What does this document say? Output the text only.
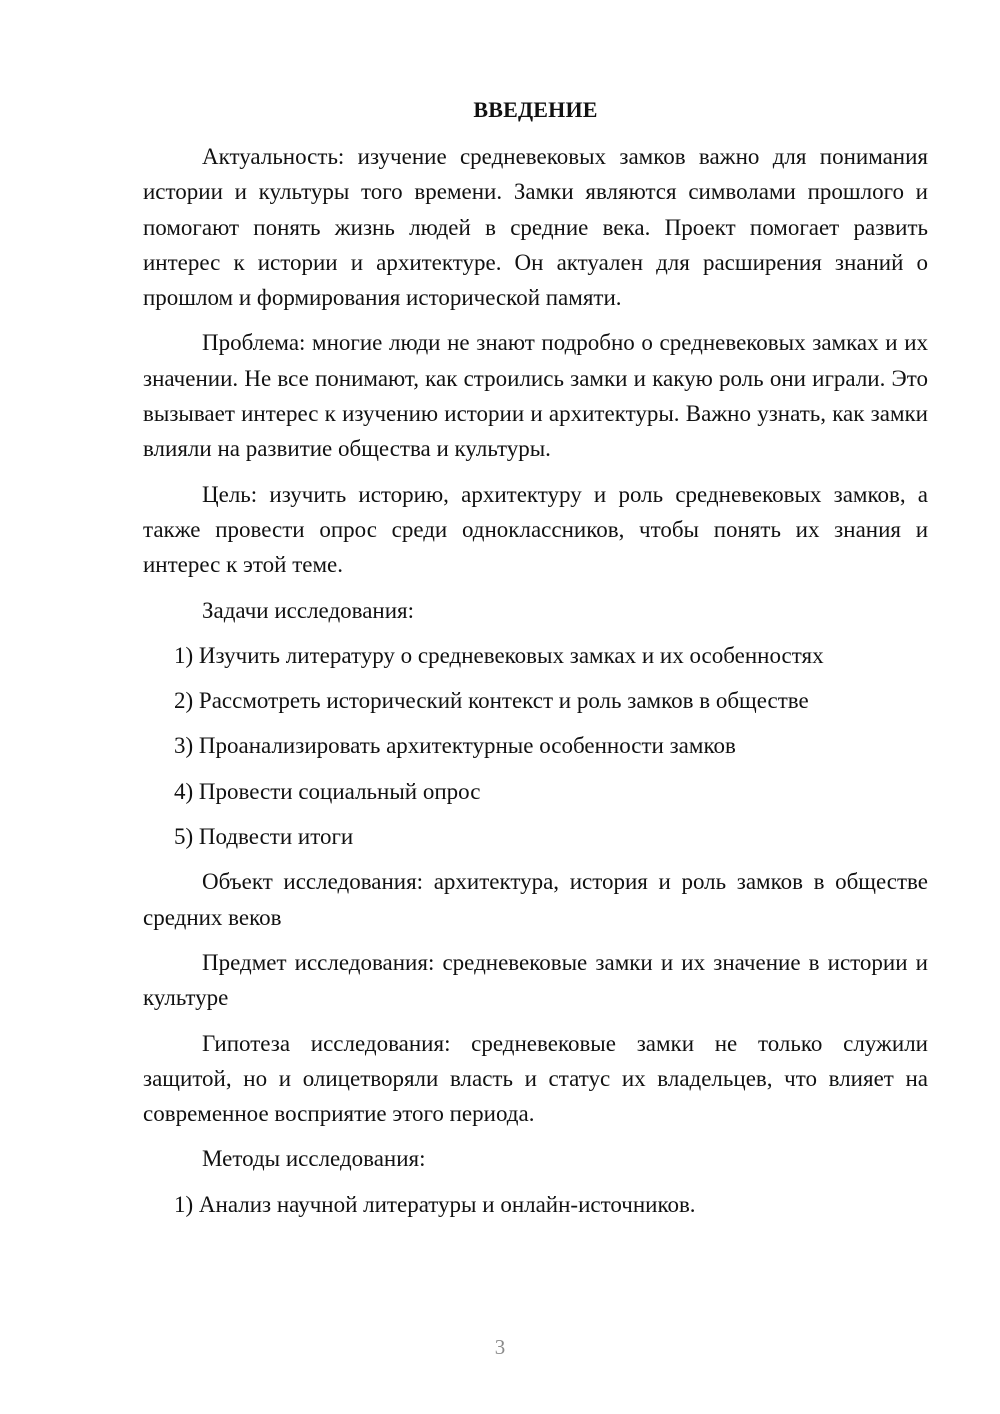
ВВЕДЕНИЕ

Актуальность: изучение средневековых замков важно для понимания истории и культуры того времени. Замки являются символами прошлого и помогают понять жизнь людей в средние века. Проект помогает развить интерес к истории и архитектуре. Он актуален для расширения знаний о прошлом и формирования исторической памяти.

Проблема: многие люди не знают подробно о средневековых замках и их значении. Не все понимают, как строились замки и какую роль они играли. Это вызывает интерес к изучению истории и архитектуры. Важно узнать, как замки влияли на развитие общества и культуры.

Цель: изучить историю, архитектуру и роль средневековых замков, а также провести опрос среди одноклассников, чтобы понять их знания и интерес к этой теме.

Задачи исследования:

1) Изучить литературу о средневековых замках и их особенностях
2) Рассмотреть исторический контекст и роль замков в обществе
3) Проанализировать архитектурные особенности замков
4) Провести социальный опрос
5) Подвести итоги

Объект исследования: архитектура, история и роль замков в обществе средних веков

Предмет исследования: средневековые замки и их значение в истории и культуре

Гипотеза исследования: средневековые замки не только служили защитой, но и олицетворяли власть и статус их владельцев, что влияет на современное восприятие этого периода.

Методы исследования:

1) Анализ научной литературы и онлайн-источников.
3
